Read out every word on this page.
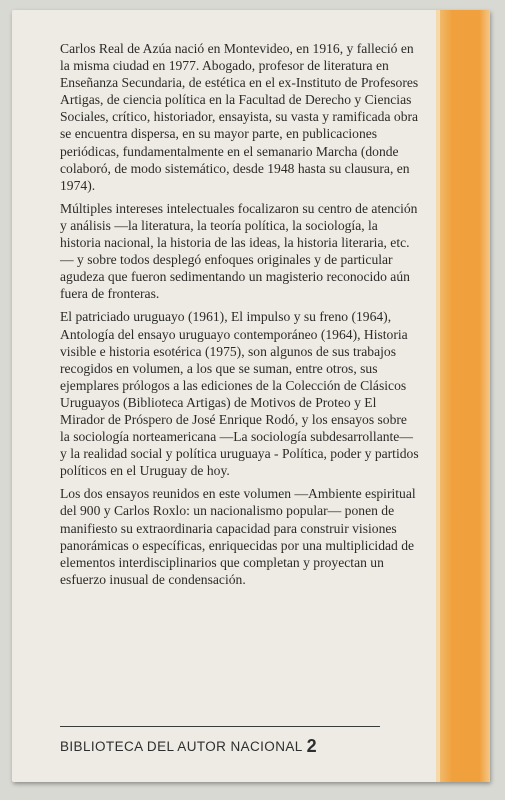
Carlos Real de Azúa nació en Montevideo, en 1916, y falleció en la misma ciudad en 1977. Abogado, profesor de literatura en Enseñanza Secundaria, de estética en el ex-Instituto de Profesores Artigas, de ciencia política en la Facultad de Derecho y Ciencias Sociales, crítico, historiador, ensayista, su vasta y ramificada obra se encuentra dispersa, en su mayor parte, en publicaciones periódicas, fundamentalmente en el semanario Marcha (donde colaboró, de modo sistemático, desde 1948 hasta su clausura, en 1974).

Múltiples intereses intelectuales focalizaron su centro de atención y análisis —la literatura, la teoría política, la sociología, la historia nacional, la historia de las ideas, la historia literaria, etc.— y sobre todos desplegó enfoques originales y de particular agudeza que fueron sedimentando un magisterio reconocido aún fuera de fronteras.

El patriciado uruguayo (1961), El impulso y su freno (1964), Antología del ensayo uruguayo contemporáneo (1964), Historia visible e historia esotérica (1975), son algunos de sus trabajos recogidos en volumen, a los que se suman, entre otros, sus ejemplares prólogos a las ediciones de la Colección de Clásicos Uruguayos (Biblioteca Artigas) de Motivos de Proteo y El Mirador de Próspero de José Enrique Rodó, y los ensayos sobre la sociología norteamericana —La sociología subdesarrollante— y la realidad social y política uruguaya - Política, poder y partidos políticos en el Uruguay de hoy.

Los dos ensayos reunidos en este volumen —Ambiente espiritual del 900 y Carlos Roxlo: un nacionalismo popular— ponen de manifiesto su extraordinaria capacidad para construir visiones panorámicas o específicas, enriquecidas por una multiplicidad de elementos interdisciplinarios que completan y proyectan un esfuerzo inusual de condensación.

BIBLIOTECA DEL AUTOR NACIONAL 2
